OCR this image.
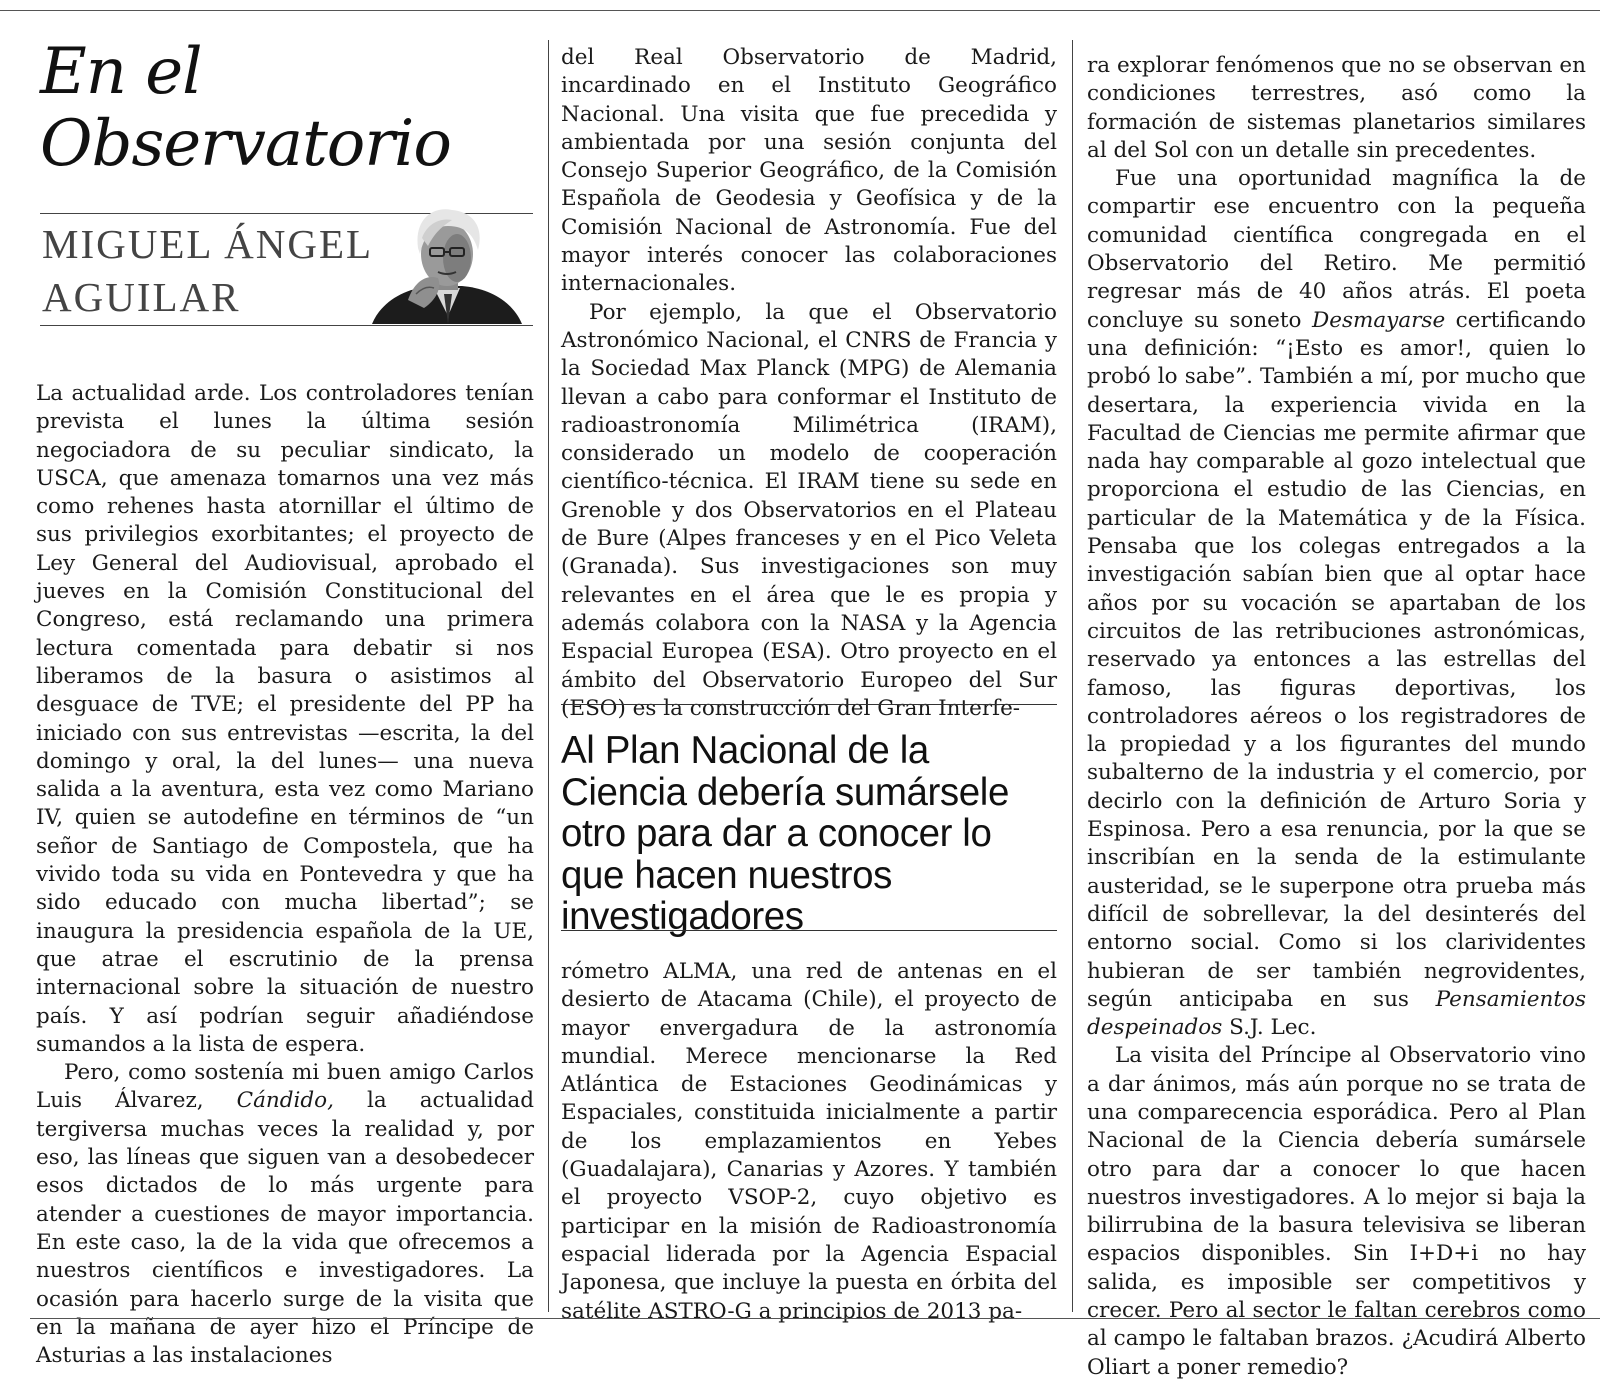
En el
Observatorio
MIGUEL ÁNGEL
AGUILAR

La actualidad arde. Los controladores tenían prevista el lunes la última sesión negociadora de su peculiar sindicato, la USCA, que amenaza tomarnos una vez más como rehenes hasta atornillar el último de sus privilegios exorbitantes; el proyecto de Ley General del Audiovisual, aprobado el jueves en la Comisión Constitucional del Congreso, está reclamando una primera lectura comentada para debatir si nos liberamos de la basura o asistimos al desguace de TVE; el presidente del PP ha iniciado con sus entrevistas —escrita, la del domingo y oral, la del lunes— una nueva salida a la aventura, esta vez como Mariano IV, quien se autodefine en términos de “un señor de Santiago de Compostela, que ha vivido toda su vida en Pontevedra y que ha sido educado con mucha libertad”; se inaugura la presidencia española de la UE, que atrae el escrutinio de la prensa internacional sobre la situación de nuestro país. Y así podrían seguir añadiéndose sumandos a la lista de espera.

Pero, como sostenía mi buen amigo Carlos Luis Álvarez, Cándido, la actualidad tergiversa muchas veces la realidad y, por eso, las líneas que siguen van a desobedecer esos dictados de lo más urgente para atender a cuestiones de mayor importancia. En este caso, la de la vida que ofrecemos a nuestros científicos e investigadores. La ocasión para hacerlo surge de la visita que en la mañana de ayer hizo el Príncipe de Asturias a las instalaciones

del Real Observatorio de Madrid, incardinado en el Instituto Geográfico Nacional. Una visita que fue precedida y ambientada por una sesión conjunta del Consejo Superior Geográfico, de la Comisión Española de Geodesia y Geofísica y de la Comisión Nacional de Astronomía. Fue del mayor interés conocer las colaboraciones internacionales.

Por ejemplo, la que el Observatorio Astronómico Nacional, el CNRS de Francia y la Sociedad Max Planck (MPG) de Alemania llevan a cabo para conformar el Instituto de radioastronomía Milimétrica (IRAM), considerado un modelo de cooperación científico-técnica. El IRAM tiene su sede en Grenoble y dos Observatorios en el Plateau de Bure (Alpes franceses y en el Pico Veleta (Granada). Sus investigaciones son muy relevantes en el área que le es propia y además colabora con la NASA y la Agencia Espacial Europea (ESA). Otro proyecto en el ámbito del Observatorio Europeo del Sur (ESO) es la construcción del Gran Interfe-

Al Plan Nacional de la Ciencia debería sumársele otro para dar a conocer lo que hacen nuestros investigadores

rómetro ALMA, una red de antenas en el desierto de Atacama (Chile), el proyecto de mayor envergadura de la astronomía mundial. Merece mencionarse la Red Atlántica de Estaciones Geodinámicas y Espaciales, constituida inicialmente a partir de los emplazamientos en Yebes (Guadalajara), Canarias y Azores. Y también el proyecto VSOP-2, cuyo objetivo es participar en la misión de Radioastronomía espacial liderada por la Agencia Espacial Japonesa, que incluye la puesta en órbita del satélite ASTRO-G a principios de 2013 pa-

ra explorar fenómenos que no se observan en condiciones terrestres, asó como la formación de sistemas planetarios similares al del Sol con un detalle sin precedentes.

Fue una oportunidad magnífica la de compartir ese encuentro con la pequeña comunidad científica congregada en el Observatorio del Retiro. Me permitió regresar más de 40 años atrás. El poeta concluye su soneto Desmayarse certificando una definición: “¡Esto es amor!, quien lo probó lo sabe”. También a mí, por mucho que desertara, la experiencia vivida en la Facultad de Ciencias me permite afirmar que nada hay comparable al gozo intelectual que proporciona el estudio de las Ciencias, en particular de la Matemática y de la Física. Pensaba que los colegas entregados a la investigación sabían bien que al optar hace años por su vocación se apartaban de los circuitos de las retribuciones astronómicas, reservado ya entonces a las estrellas del famoso, las figuras deportivas, los controladores aéreos o los registradores de la propiedad y a los figurantes del mundo subalterno de la industria y el comercio, por decirlo con la definición de Arturo Soria y Espinosa. Pero a esa renuncia, por la que se inscribían en la senda de la estimulante austeridad, se le superpone otra prueba más difícil de sobrellevar, la del desinterés del entorno social. Como si los clarividentes hubieran de ser también negrovidentes, según anticipaba en sus Pensamientos despeinados S.J. Lec.

La visita del Príncipe al Observatorio vino a dar ánimos, más aún porque no se trata de una comparecencia esporádica. Pero al Plan Nacional de la Ciencia debería sumársele otro para dar a conocer lo que hacen nuestros investigadores. A lo mejor si baja la bilirrubina de la basura televisiva se liberan espacios disponibles. Sin I+D+i no hay salida, es imposible ser competitivos y crecer. Pero al sector le faltan cerebros como al campo le faltaban brazos. ¿Acudirá Alberto Oliart a poner remedio?
